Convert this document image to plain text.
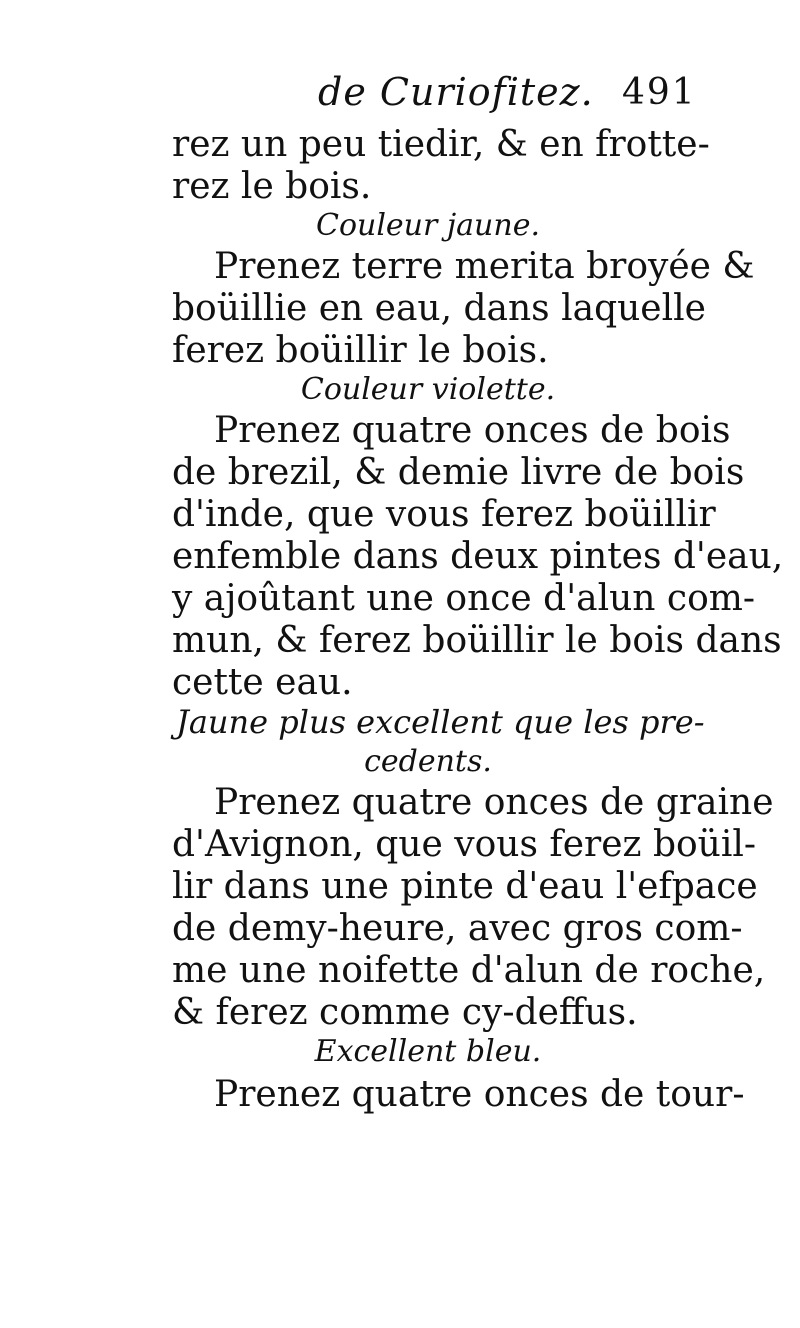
de Curiofitez. 491
rez un peu tiedir, & en frotte-
rez le bois.
Couleur jaune.
Prenez terre merita broyée &
boüillie en eau, dans laquelle
ferez boüillir le bois.
Couleur violette.
Prenez quatre onces de bois
de brezil, & demie livre de bois
d'inde, que vous ferez boüillir
enfemble dans deux pintes d'eau,
y ajoûtant une once d'alun com-
mun, & ferez boüillir le bois dans
cette eau.
Jaune plus excellent que les pre-
cedents.
Prenez quatre onces de graine
d'Avignon, que vous ferez boüil-
lir dans une pinte d'eau l'efpace
de demy-heure, avec gros com-
me une noifette d'alun de roche,
& ferez comme cy-deffus.
Excellent bleu.
Prenez quatre onces de tour-
